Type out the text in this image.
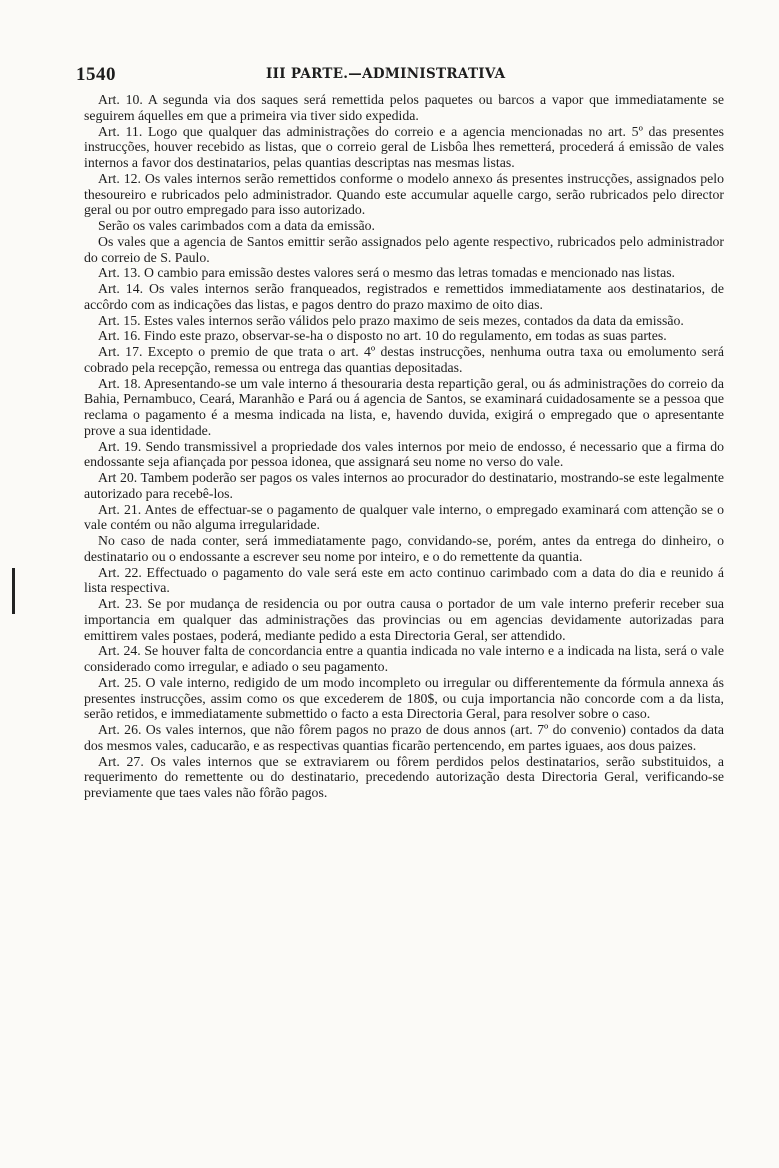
1540	III PARTE.—ADMINISTRATIVA

Art. 10. A segunda via dos saques será remettida pelos paquetes ou barcos a vapor que immediatamente se seguirem áquelles em que a primeira via tiver sido expedida.

Art. 11. Logo que qualquer das administrações do correio e a agencia mencionadas no art. 5º das presentes instrucções, houver recebido as listas, que o correio geral de Lisbôa lhes remetterá, procederá á emissão de vales internos a favor dos destinatarios, pelas quantias descriptas nas mesmas listas.

Art. 12. Os vales internos serão remettidos conforme o modelo annexo ás presentes instrucções, assignados pelo thesoureiro e rubricados pelo administrador. Quando este accumular aquelle cargo, serão rubricados pelo director geral ou por outro empregado para isso autorizado.

Serão os vales carimbados com a data da emissão.

Os vales que a agencia de Santos emittir serão assignados pelo agente respectivo, rubricados pelo administrador do correio de S. Paulo.

Art. 13. O cambio para emissão destes valores será o mesmo das letras tomadas e mencionado nas listas.

Art. 14. Os vales internos serão franqueados, registrados e remettidos immediatamente aos destinatarios, de accôrdo com as indicações das listas, e pagos dentro do prazo maximo de oito dias.

Art. 15. Estes vales internos serão válidos pelo prazo maximo de seis mezes, contados da data da emissão.

Art. 16. Findo este prazo, observar-se-ha o disposto no art. 10 do regulamento, em todas as suas partes.

Art. 17. Excepto o premio de que trata o art. 4º destas instrucções, nenhuma outra taxa ou emolumento será cobrado pela recepção, remessa ou entrega das quantias depositadas.

Art. 18. Apresentando-se um vale interno á thesouraria desta repartição geral, ou ás administrações do correio da Bahia, Pernambuco, Ceará, Maranhão e Pará ou á agencia de Santos, se examinará cuidadosamente se a pessoa que reclama o pagamento é a mesma indicada na lista, e, havendo duvida, exigirá o empregado que o apresentante prove a sua identidade.

Art. 19. Sendo transmissivel a propriedade dos vales internos por meio de endosso, é necessario que a firma do endossante seja afiançada por pessoa idonea, que assignará seu nome no verso do vale.

Art 20. Tambem poderão ser pagos os vales internos ao procurador do destinatario, mostrando-se este legalmente autorizado para recebê-los.

Art. 21. Antes de effectuar-se o pagamento de qualquer vale interno, o empregado examinará com attenção se o vale contém ou não alguma irregularidade.

No caso de nada conter, será immediatamente pago, convidando-se, porém, antes da entrega do dinheiro, o destinatario ou o endossante a escrever seu nome por inteiro, e o do remettente da quantia.

Art. 22. Effectuado o pagamento do vale será este em acto continuo carimbado com a data do dia e reunido á lista respectiva.

Art. 23. Se por mudança de residencia ou por outra causa o portador de um vale interno preferir receber sua importancia em qualquer das administrações das provincias ou em agencias devidamente autorizadas para emittirem vales postaes, poderá, mediante pedido a esta Directoria Geral, ser attendido.

Art. 24. Se houver falta de concordancia entre a quantia indicada no vale interno e a indicada na lista, será o vale considerado como irregular, e adiado o seu pagamento.

Art. 25. O vale interno, redigido de um modo incompleto ou irregular ou differentemente da fórmula annexa ás presentes instrucções, assim como os que excederem de 180$, ou cuja importancia não concorde com a da lista, serão retidos, e immediatamente submettido o facto a esta Directoria Geral, para resolver sobre o caso.

Art. 26. Os vales internos, que não fôrem pagos no prazo de dous annos (art. 7º do convenio) contados da data dos mesmos vales, caducarão, e as respectivas quantias ficarão pertencendo, em partes iguaes, aos dous paizes.

Art. 27. Os vales internos que se extraviarem ou fôrem perdidos pelos destinatarios, serão substituidos, a requerimento do remettente ou do destinatario, precedendo autorização desta Directoria Geral, verificando-se previamente que taes vales não fôrão pagos.
